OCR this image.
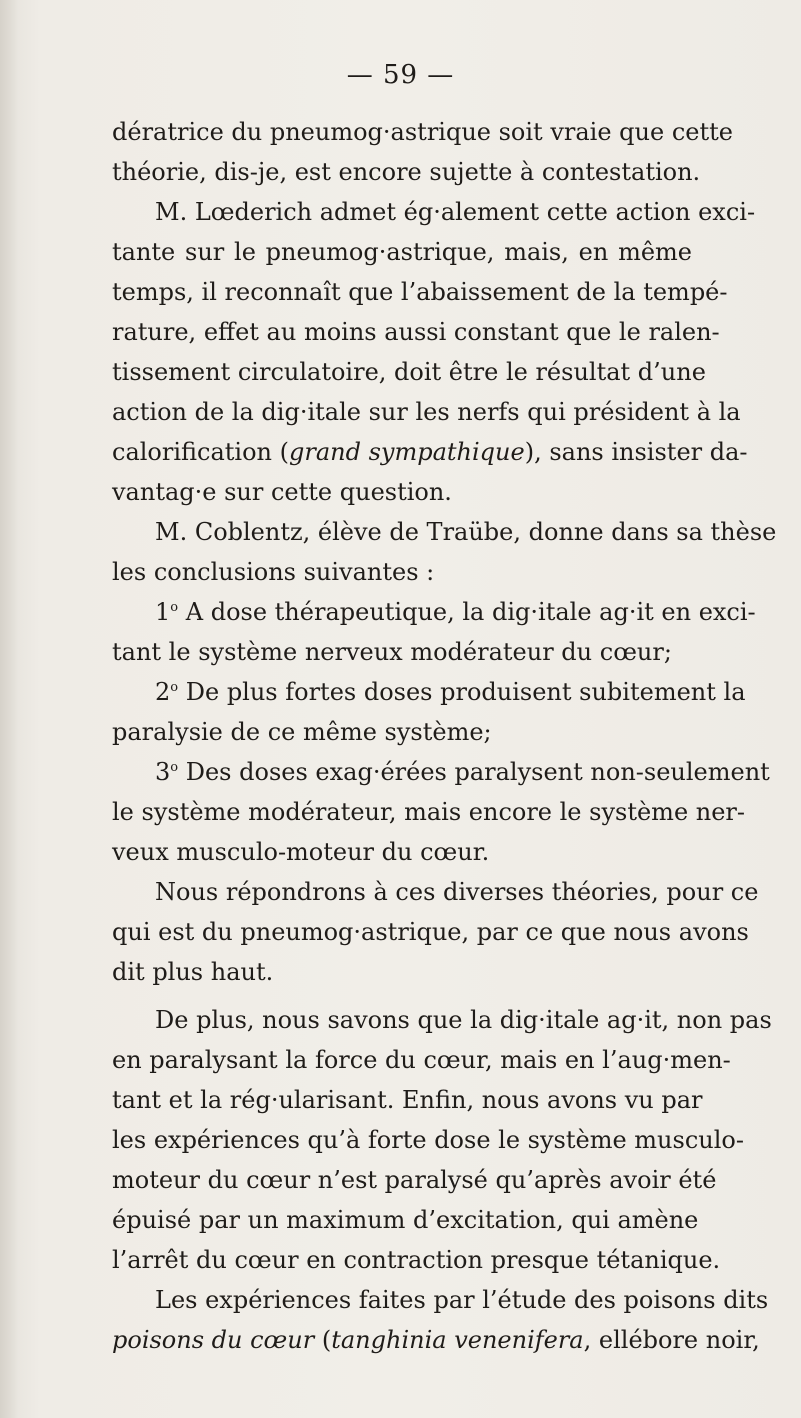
— 59 —
dératrice du pneumog·astrique soit vraie que cette
théorie, dis-je, est encore sujette à contestation.
M. Lœderich admet ég·alement cette action exci-
tante sur le pneumog·astrique, mais, en même
temps, il reconnaît que l’abaissement de la tempé-
rature, effet au moins aussi constant que le ralen-
tissement circulatoire, doit être le résultat d’une
action de la dig·itale sur les nerfs qui président à la
calorification (grand sympathique), sans insister da-
vantag·e sur cette question.
M. Coblentz, élève de Traübe, donne dans sa thèse
les conclusions suivantes :
1$^o$ A dose thérapeutique, la dig·itale ag·it en exci-
tant le système nerveux modérateur du cœur;
2$^o$ De plus fortes doses produisent subitement la
paralysie de ce même système;
3$^o$ Des doses exag·érées paralysent non-seulement
le système modérateur, mais encore le système ner-
veux musculo-moteur du cœur.
Nous répondrons à ces diverses théories, pour ce
qui est du pneumog·astrique, par ce que nous avons
dit plus haut.
De plus, nous savons que la dig·itale ag·it, non pas
en paralysant la force du cœur, mais en l’aug·men-
tant et la rég·ularisant. Enfin, nous avons vu par
les expériences qu’à forte dose le système musculo-
moteur du cœur n’est paralysé qu’après avoir été
épuisé par un maximum d’excitation, qui amène
l’arrêt du cœur en contraction presque tétanique.
Les expériences faites par l’étude des poisons dits
poisons du cœur (tanghinia venenifera, ellébore noir,
